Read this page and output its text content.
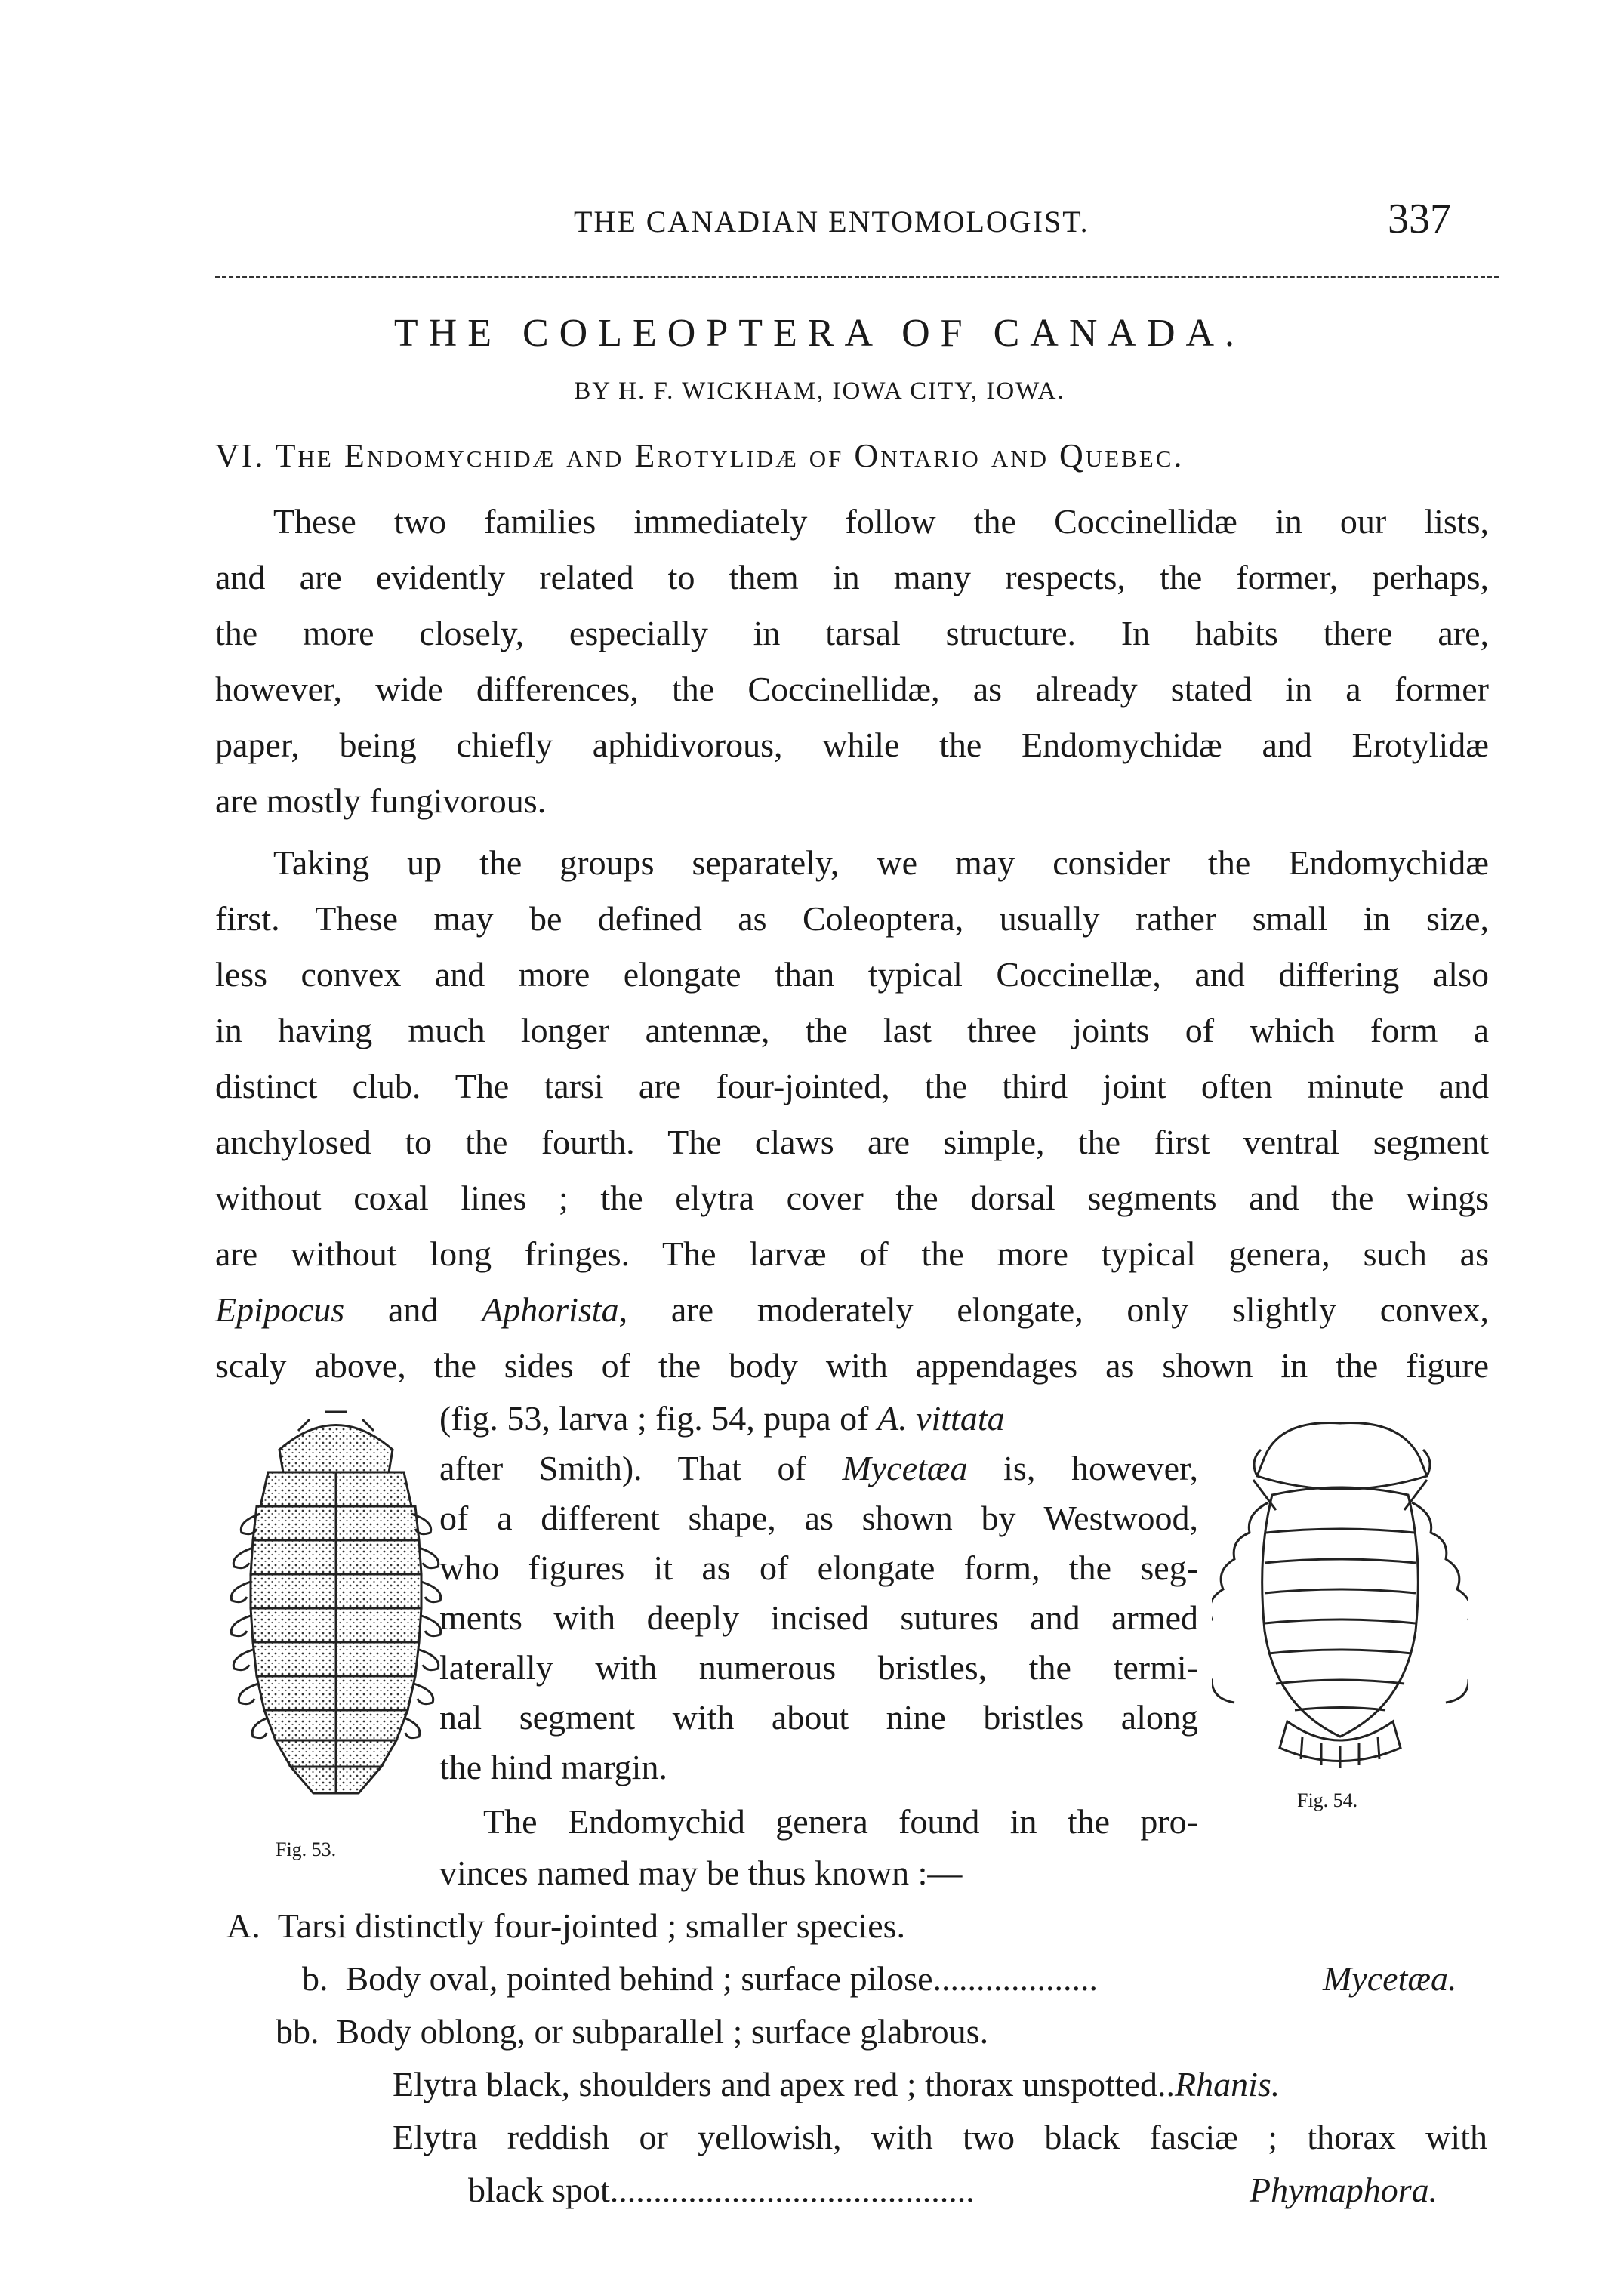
THE CANADIAN ENTOMOLOGIST.	337
THE COLEOPTERA OF CANADA.
BY H. F. WICKHAM, IOWA CITY, IOWA.
VI. The Endomychidæ and Erotylidæ of Ontario and Quebec.
These two families immediately follow the Coccinellidæ in our lists,
and are evidently related to them in many respects, the former, perhaps,
the more closely, especially in tarsal structure. In habits there are,
however, wide differences, the Coccinellidæ, as already stated in a former
paper, being chiefly aphidivorous, while the Endomychidæ and Erotylidæ
are mostly fungivorous.
Taking up the groups separately, we may consider the Endomychidæ
first. These may be defined as Coleoptera, usually rather small in size,
less convex and more elongate than typical Coccinellæ, and differing also
in having much longer antennæ, the last three joints of which form a
distinct club. The tarsi are four-jointed, the third joint often minute and
anchylosed to the fourth. The claws are simple, the first ventral segment
without coxal lines ; the elytra cover the dorsal segments and the wings
are without long fringes. The larvæ of the more typical genera, such as
Epipocus and Aphorista, are moderately elongate, only slightly convex,
scaly above, the sides of the body with appendages as shown in the figure
(fig. 53, larva ; fig. 54, pupa of A. vittata
after Smith). That of Mycetæa is, however,
of a different shape, as shown by Westwood,
who figures it as of elongate form, the seg-
ments with deeply incised sutures and armed
laterally with numerous bristles, the termi-
nal segment with about nine bristles along
the hind margin.
The Endomychid genera found in the pro-
vinces named may be thus known :—
Fig. 53.
Fig. 54.
A. Tarsi distinctly four-jointed ; smaller species.
b. Body oval, pointed behind ; surface pilose...................	Mycetæa.
bb. Body oblong, or subparallel ; surface glabrous.
Elytra black, shoulders and apex red ; thorax unspotted..Rhanis.
Elytra reddish or yellowish, with two black fasciæ ; thorax with
black spot..........................................	Phymaphora.
